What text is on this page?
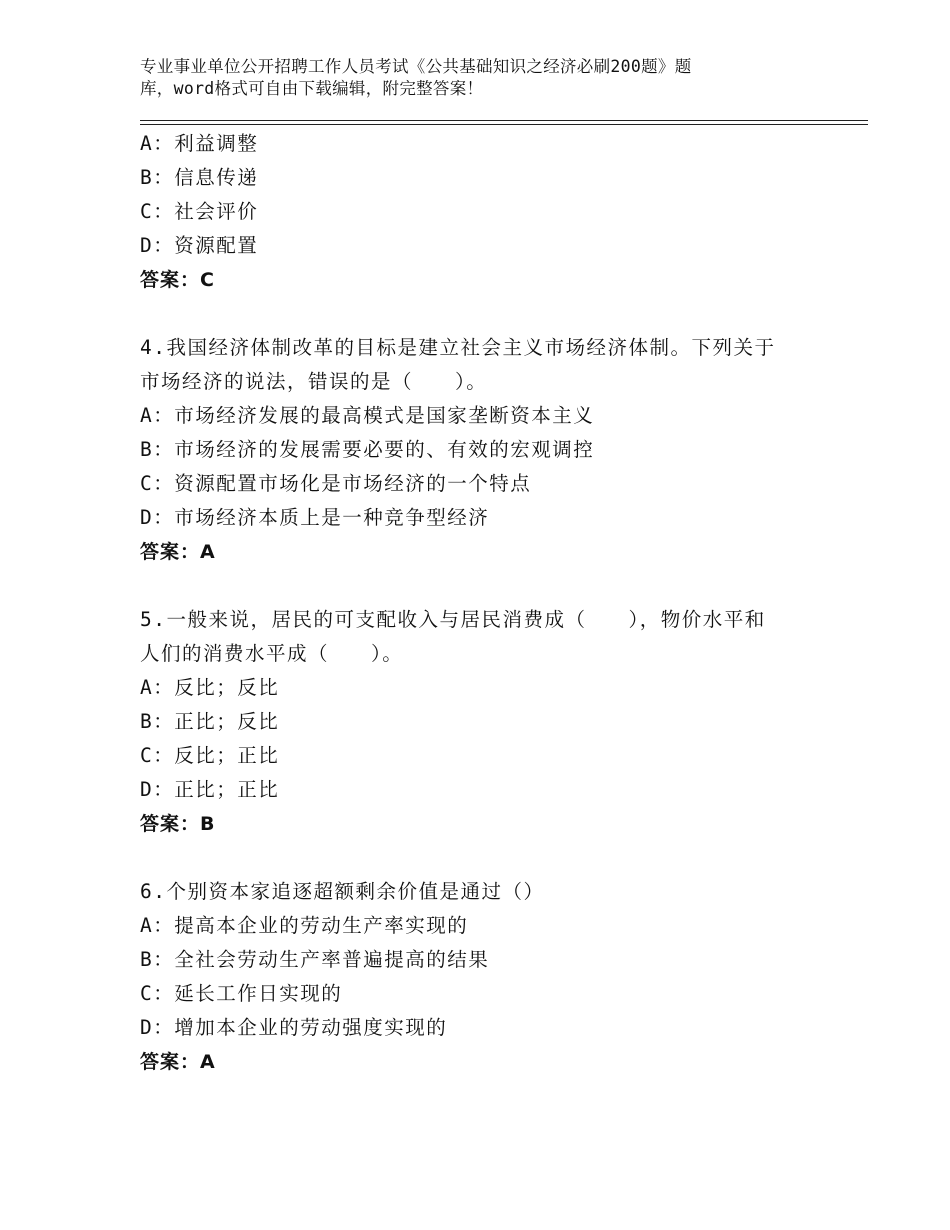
专业事业单位公开招聘工作人员考试《公共基础知识之经济必刷200题》题
库，word格式可自由下载编辑，附完整答案！
A：利益调整
B：信息传递
C：社会评价
D：资源配置
答案：C
4.我国经济体制改革的目标是建立社会主义市场经济体制。下列关于
市场经济的说法，错误的是（　　）。
A：市场经济发展的最高模式是国家垄断资本主义
B：市场经济的发展需要必要的、有效的宏观调控
C：资源配置市场化是市场经济的一个特点
D：市场经济本质上是一种竞争型经济
答案：A
5.一般来说，居民的可支配收入与居民消费成（　　），物价水平和
人们的消费水平成（　　）。
A：反比；反比
B：正比；反比
C：反比；正比
D：正比；正比
答案：B
6.个别资本家追逐超额剩余价值是通过（）
A：提高本企业的劳动生产率实现的
B：全社会劳动生产率普遍提高的结果
C：延长工作日实现的
D：增加本企业的劳动强度实现的
答案：A
